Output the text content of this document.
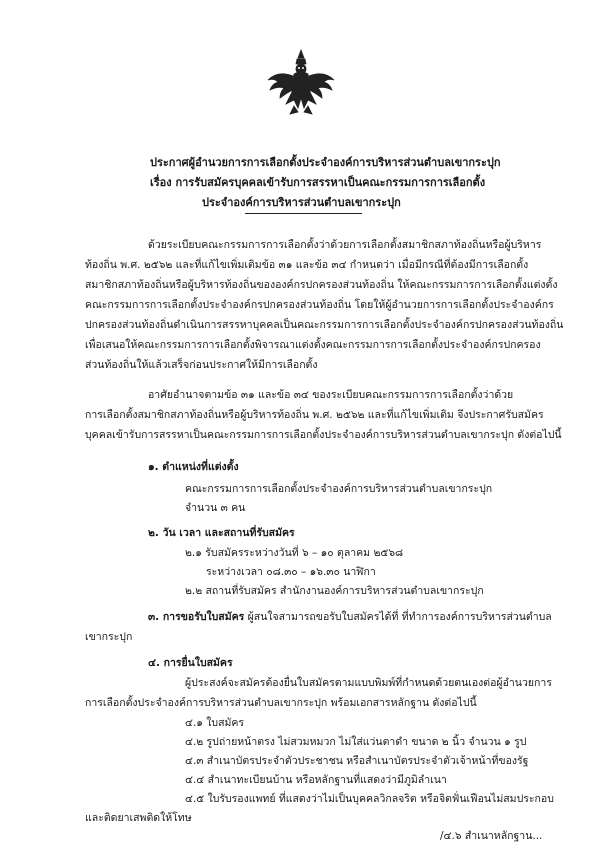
ประกาศผู้อำนวยการการเลือกตั้งประจำองค์การบริหารส่วนตำบลเขากระปุก
เรื่อง การรับสมัครบุคคลเข้ารับการสรรหาเป็นคณะกรรมการการเลือกตั้ง
ประจำองค์การบริหารส่วนตำบลเขากระปุก
ด้วยระเบียบคณะกรรมการการเลือกตั้งว่าด้วยการเลือกตั้งสมาชิกสภาท้องถิ่นหรือผู้บริหาร
ท้องถิ่น พ.ศ. ๒๕๖๒ และที่แก้ไขเพิ่มเติมข้อ ๓๑ และข้อ ๓๔ กำหนดว่า เมื่อมีกรณีที่ต้องมีการเลือกตั้ง
สมาชิกสภาท้องถิ่นหรือผู้บริหารท้องถิ่นขององค์กรปกครองส่วนท้องถิ่น ให้คณะกรรมการการเลือกตั้งแต่งตั้ง
คณะกรรมการการเลือกตั้งประจำองค์กรปกครองส่วนท้องถิ่น โดยให้ผู้อำนวยการการเลือกตั้งประจำองค์กร
ปกครองส่วนท้องถิ่นดำเนินการสรรหาบุคคลเป็นคณะกรรมการการเลือกตั้งประจำองค์กรปกครองส่วนท้องถิ่น
เพื่อเสนอให้คณะกรรมการการเลือกตั้งพิจารณาแต่งตั้งคณะกรรมการการเลือกตั้งประจำองค์กรปกครอง
ส่วนท้องถิ่นให้แล้วเสร็จก่อนประกาศให้มีการเลือกตั้ง
อาศัยอำนาจตามข้อ ๓๑ และข้อ ๓๔ ของระเบียบคณะกรรมการการเลือกตั้งว่าด้วย
การเลือกตั้งสมาชิกสภาท้องถิ่นหรือผู้บริหารท้องถิ่น พ.ศ. ๒๕๖๒ และที่แก้ไขเพิ่มเติม จึงประกาศรับสมัคร
บุคคลเข้ารับการสรรหาเป็นคณะกรรมการการเลือกตั้งประจำองค์การบริหารส่วนตำบลเขากระปุก ดังต่อไปนี้
๑. ตำแหน่งที่แต่งตั้ง
คณะกรรมการการเลือกตั้งประจำองค์การบริหารส่วนตำบลเขากระปุก
จำนวน ๓ คน
๒. วัน เวลา และสถานที่รับสมัคร
๒.๑ รับสมัครระหว่างวันที่ ๖ – ๑๐ ตุลาคม ๒๕๖๘
ระหว่างเวลา ๐๘.๓๐ – ๑๖.๓๐ นาฬิกา
๒.๒ สถานที่รับสมัคร สำนักงานองค์การบริหารส่วนตำบลเขากระปุก
๓. การขอรับใบสมัคร ผู้สนใจสามารถขอรับใบสมัครได้ที่ ที่ทำการองค์การบริหารส่วนตำบล
เขากระปุก
๔. การยื่นใบสมัคร
ผู้ประสงค์จะสมัครต้องยื่นใบสมัครตามแบบพิมพ์ที่กำหนดด้วยตนเองต่อผู้อำนวยการ
การเลือกตั้งประจำองค์การบริหารส่วนตำบลเขากระปุก พร้อมเอกสารหลักฐาน ดังต่อไปนี้
๔.๑ ใบสมัคร
๔.๒ รูปถ่ายหน้าตรง ไม่สวมหมวก ไม่ใส่แว่นตาดำ ขนาด ๒ นิ้ว จำนวน ๑ รูป
๔.๓ สำเนาบัตรประจำตัวประชาชน หรือสำเนาบัตรประจำตัวเจ้าหน้าที่ของรัฐ
๔.๔ สำเนาทะเบียนบ้าน หรือหลักฐานที่แสดงว่ามีภูมิลำเนา
๔.๕ ใบรับรองแพทย์ ที่แสดงว่าไม่เป็นบุคคลวิกลจริต หรือจิตฟั่นเฟือนไม่สมประกอบ
และติดยาเสพติดให้โทษ
/๔.๖ สำเนาหลักฐาน...
